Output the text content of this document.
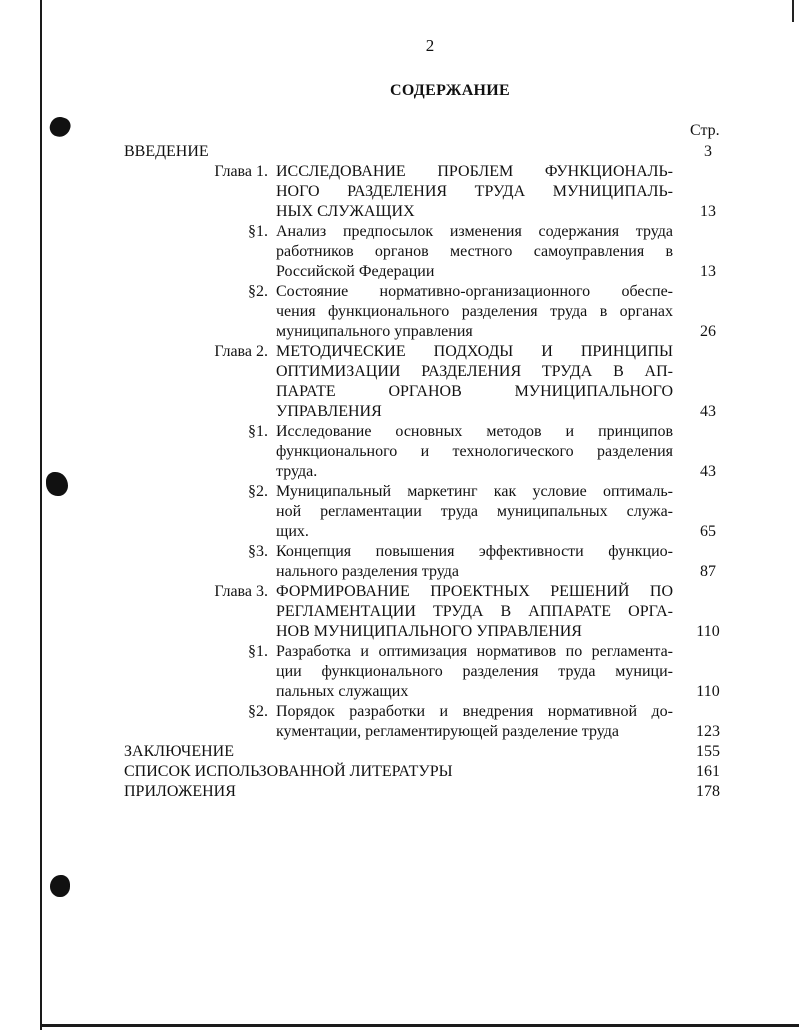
2
СОДЕРЖАНИЕ
Стр.
ВВЕДЕНИЕ	3
Глава 1. ИССЛЕДОВАНИЕ ПРОБЛЕМ ФУНКЦИОНАЛЬ-
НОГО РАЗДЕЛЕНИЯ ТРУДА МУНИЦИПАЛЬ-
НЫХ СЛУЖАЩИХ	13
§1. Анализ предпосылок изменения содержания труда
работников органов местного самоуправления в
Российской Федерации	13
§2. Состояние нормативно-организационного обеспе-
чения функционального разделения труда в органах
муниципального управления	26
Глава 2. МЕТОДИЧЕСКИЕ ПОДХОДЫ И ПРИНЦИПЫ
ОПТИМИЗАЦИИ РАЗДЕЛЕНИЯ ТРУДА В АП-
ПАРАТЕ ОРГАНОВ МУНИЦИПАЛЬНОГО
УПРАВЛЕНИЯ	43
§1. Исследование основных методов и принципов
функционального и технологического разделения
труда.	43
§2. Муниципальный маркетинг как условие оптималь-
ной регламентации труда муниципальных служа-
щих.	65
§3. Концепция повышения эффективности функцио-
нального разделения труда	87
Глава 3. ФОРМИРОВАНИЕ ПРОЕКТНЫХ РЕШЕНИЙ ПО
РЕГЛАМЕНТАЦИИ ТРУДА В АППАРАТЕ ОРГА-
НОВ МУНИЦИПАЛЬНОГО УПРАВЛЕНИЯ	110
§1. Разработка и оптимизация нормативов по регламента-
ции функционального разделения труда муници-
пальных служащих	110
§2. Порядок разработки и внедрения нормативной до-
кументации, регламентирующей разделение труда	123
ЗАКЛЮЧЕНИЕ	155
СПИСОК ИСПОЛЬЗОВАННОЙ ЛИТЕРАТУРЫ	161
ПРИЛОЖЕНИЯ	178
